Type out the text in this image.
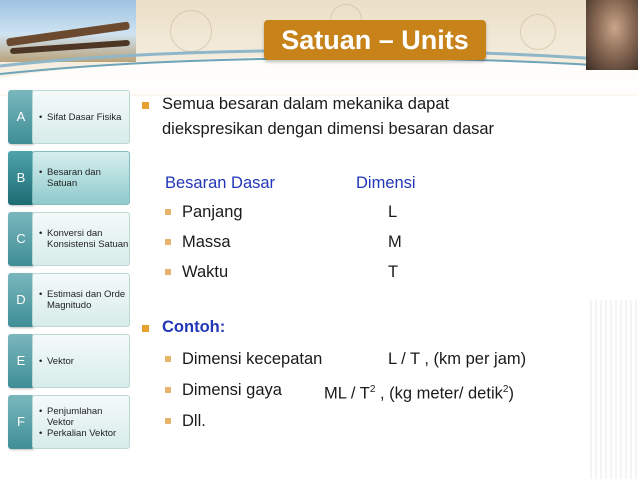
Satuan – Units
A	• Sifat Dasar Fisika
B	• Besaran dan Satuan
C	• Konversi dan Konsistensi Satuan
D	• Estimasi dan Orde Magnitudo
E	• Vektor
F
• Penjumlahan Vektor
• Perkalian Vektor
Semua besaran dalam mekanika dapat
diekspresikan dengan dimensi besaran dasar
Besaran Dasar	Dimensi
Panjang	L
Massa	M
Waktu	T
Contoh:
Dimensi kecepatan	L / T , (km per jam)
Dimensi gaya	ML / $T^2$ , (kg meter/ detik$^2$)
Dll.
